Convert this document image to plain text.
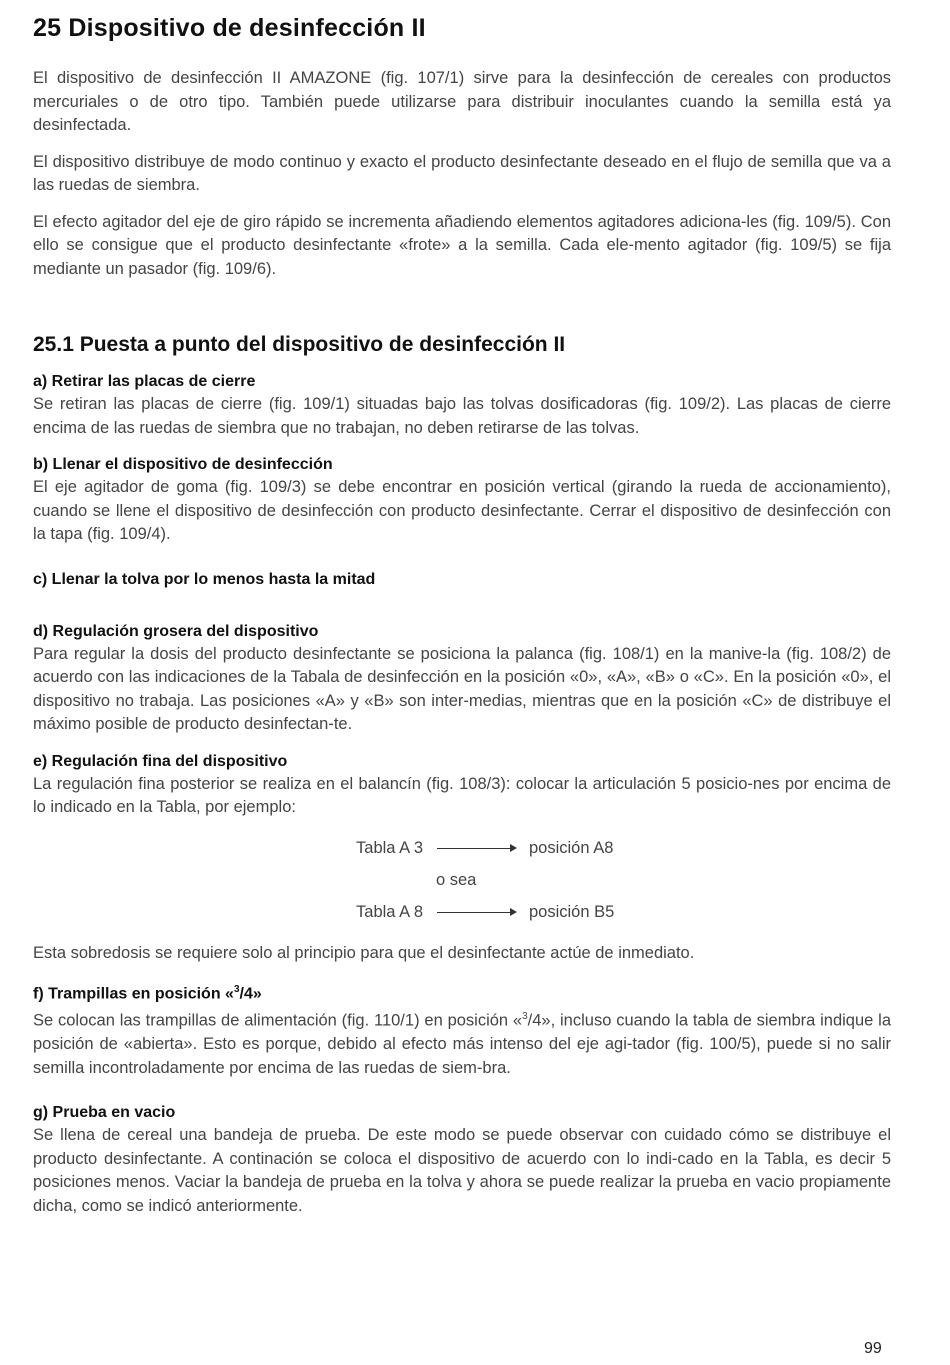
25 Dispositivo de desinfección II

El dispositivo de desinfección II AMAZONE (fig. 107/1) sirve para la desinfección de cereales con productos mercuriales o de otro tipo. También puede utilizarse para distribuir inoculantes cuando la semilla está ya desinfectada.

El dispositivo distribuye de modo continuo y exacto el producto desinfectante deseado en el flujo de semilla que va a las ruedas de siembra.

El efecto agitador del eje de giro rápido se incrementa añadiendo elementos agitadores adiciona-les (fig. 109/5). Con ello se consigue que el producto desinfectante «frote» a la semilla. Cada ele-mento agitador (fig. 109/5) se fija mediante un pasador (fig. 109/6).

25.1 Puesta a punto del dispositivo de desinfección II
a) Retirar las placas de cierre

Se retiran las placas de cierre (fig. 109/1) situadas bajo las tolvas dosificadoras (fig. 109/2). Las placas de cierre encima de las ruedas de siembra que no trabajan, no deben retirarse de las tolvas.

b) Llenar el dispositivo de desinfección

El eje agitador de goma (fig. 109/3) se debe encontrar en posición vertical (girando la rueda de accionamiento), cuando se llene el dispositivo de desinfección con producto desinfectante. Cerrar el dispositivo de desinfección con la tapa (fig. 109/4).

c) Llenar la tolva por lo menos hasta la mitad
d) Regulación grosera del dispositivo

Para regular la dosis del producto desinfectante se posiciona la palanca (fig. 108/1) en la manive-la (fig. 108/2) de acuerdo con las indicaciones de la Tabala de desinfección en la posición «0», «A», «B» o «C». En la posición «0», el dispositivo no trabaja. Las posiciones «A» y «B» son inter-medias, mientras que en la posición «C» de distribuye el máximo posible de producto desinfectan-te.

e) Regulación fina del dispositivo

La regulación fina posterior se realiza en el balancín (fig. 108/3): colocar la articulación 5 posicio-nes por encima de lo indicado en la Tabla, por ejemplo:

Tabla A 3	posición A8
o sea
Tabla A 8	posición B5

Esta sobredosis se requiere solo al principio para que el desinfectante actúe de inmediato.

f) Trampillas en posición «$^3$/4»

Se colocan las trampillas de alimentación (fig. 110/1) en posición «$^3$/4», incluso cuando la tabla de siembra indique la posición de «abierta». Esto es porque, debido al efecto más intenso del eje agi-tador (fig. 100/5), puede si no salir semilla incontroladamente por encima de las ruedas de siem-bra.

g) Prueba en vacio

Se llena de cereal una bandeja de prueba. De este modo se puede observar con cuidado cómo se distribuye el producto desinfectante. A continación se coloca el dispositivo de acuerdo con lo indi-cado en la Tabla, es decir 5 posiciones menos. Vaciar la bandeja de prueba en la tolva y ahora se puede realizar la prueba en vacio propiamente dicha, como se indicó anteriormente.

99
